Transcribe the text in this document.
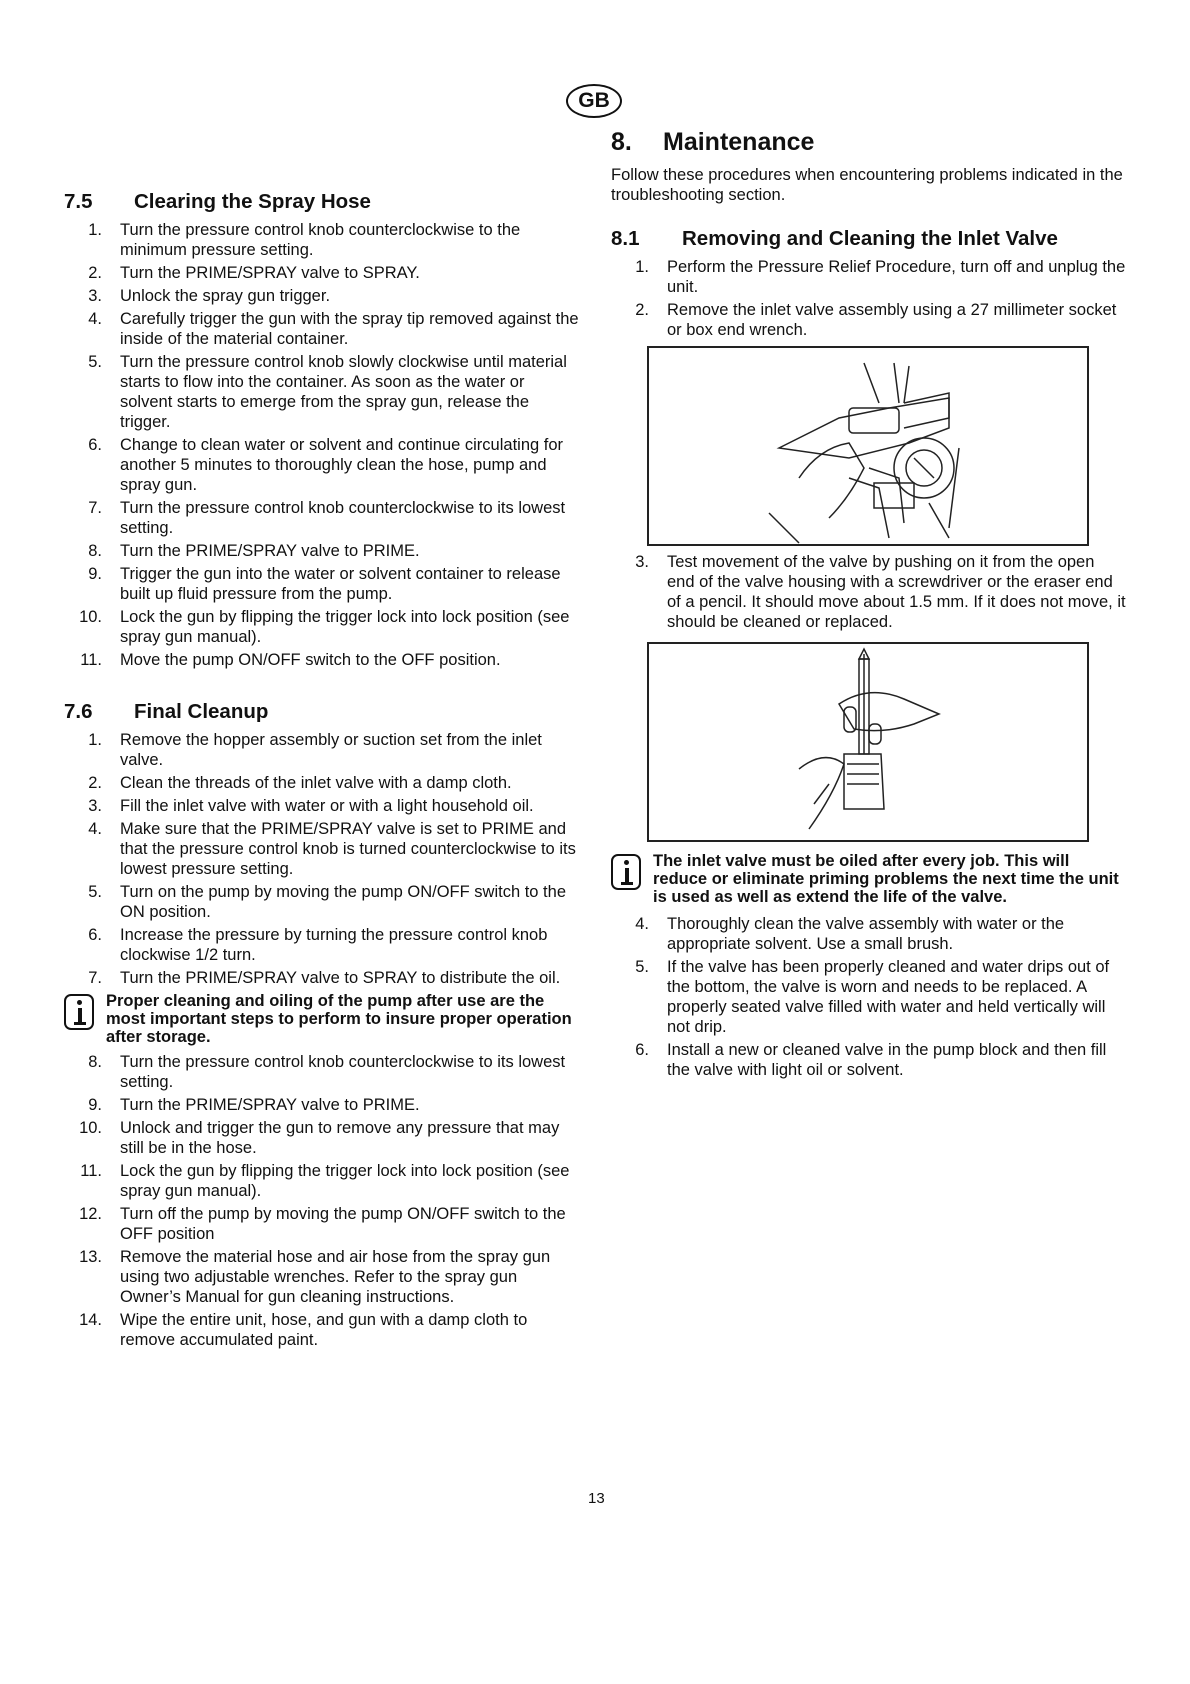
GB
7.5 Clearing the Spray Hose
1. Turn the pressure control knob counterclockwise to the minimum pressure setting.
2. Turn the PRIME/SPRAY valve to SPRAY.
3. Unlock the spray gun trigger.
4. Carefully trigger the gun with the spray tip removed against the inside of the material container.
5. Turn the pressure control knob slowly clockwise until material starts to flow into the container. As soon as the water or solvent starts to emerge from the spray gun, release the trigger.
6. Change to clean water or solvent and continue circulating for another 5 minutes to thoroughly clean the hose, pump and spray gun.
7. Turn the pressure control knob counterclockwise to its lowest setting.
8. Turn the PRIME/SPRAY valve to PRIME.
9. Trigger the gun into the water or solvent container to release built up fluid pressure from the pump.
10. Lock the gun by flipping the trigger lock into lock position (see spray gun manual).
11. Move the pump ON/OFF switch to the OFF position.
7.6 Final Cleanup
1. Remove the hopper assembly or suction set from the inlet valve.
2. Clean the threads of the inlet valve with a damp cloth.
3. Fill the inlet valve with water or with a light household oil.
4. Make sure that the PRIME/SPRAY valve is set to PRIME and that the pressure control knob is turned counterclockwise to its lowest pressure setting.
5. Turn on the pump by moving the pump ON/OFF switch to the ON position.
6. Increase the pressure by turning the pressure control knob clockwise 1/2 turn.
7. Turn the PRIME/SPRAY valve to SPRAY to distribute the oil.
Proper cleaning and oiling of the pump after use are the most important steps to perform to insure proper operation after storage.
8. Turn the pressure control knob counterclockwise to its lowest setting.
9. Turn the PRIME/SPRAY valve to PRIME.
10. Unlock and trigger the gun to remove any pressure that may still be in the hose.
11. Lock the gun by flipping the trigger lock into lock position (see spray gun manual).
12. Turn off the pump by moving the pump ON/OFF switch to the OFF position
13. Remove the material hose and air hose from the spray gun using two adjustable wrenches. Refer to the spray gun Owner’s Manual for gun cleaning instructions.
14. Wipe the entire unit, hose, and gun with a damp cloth to remove accumulated paint.
8. Maintenance
Follow these procedures when encountering problems indicated in the troubleshooting section.
8.1 Removing and Cleaning the Inlet Valve
1. Perform the Pressure Relief Procedure, turn off and unplug the unit.
2. Remove the inlet valve assembly using a 27 millimeter socket or box end wrench.
3. Test movement of the valve by pushing on it from the open end of the valve housing with a screwdriver or the eraser end of a pencil. It should move about 1.5 mm. If it does not move, it should be cleaned or replaced.
The inlet valve must be oiled after every job. This will reduce or eliminate priming problems the next time the unit is used as well as extend the life of the valve.
4. Thoroughly clean the valve assembly with water or the appropriate solvent. Use a small brush.
5. If the valve has been properly cleaned and water drips out of the bottom, the valve is worn and needs to be replaced. A properly seated valve filled with water and held vertically will not drip.
6. Install a new or cleaned valve in the pump block and then fill the valve with light oil or solvent.
13
